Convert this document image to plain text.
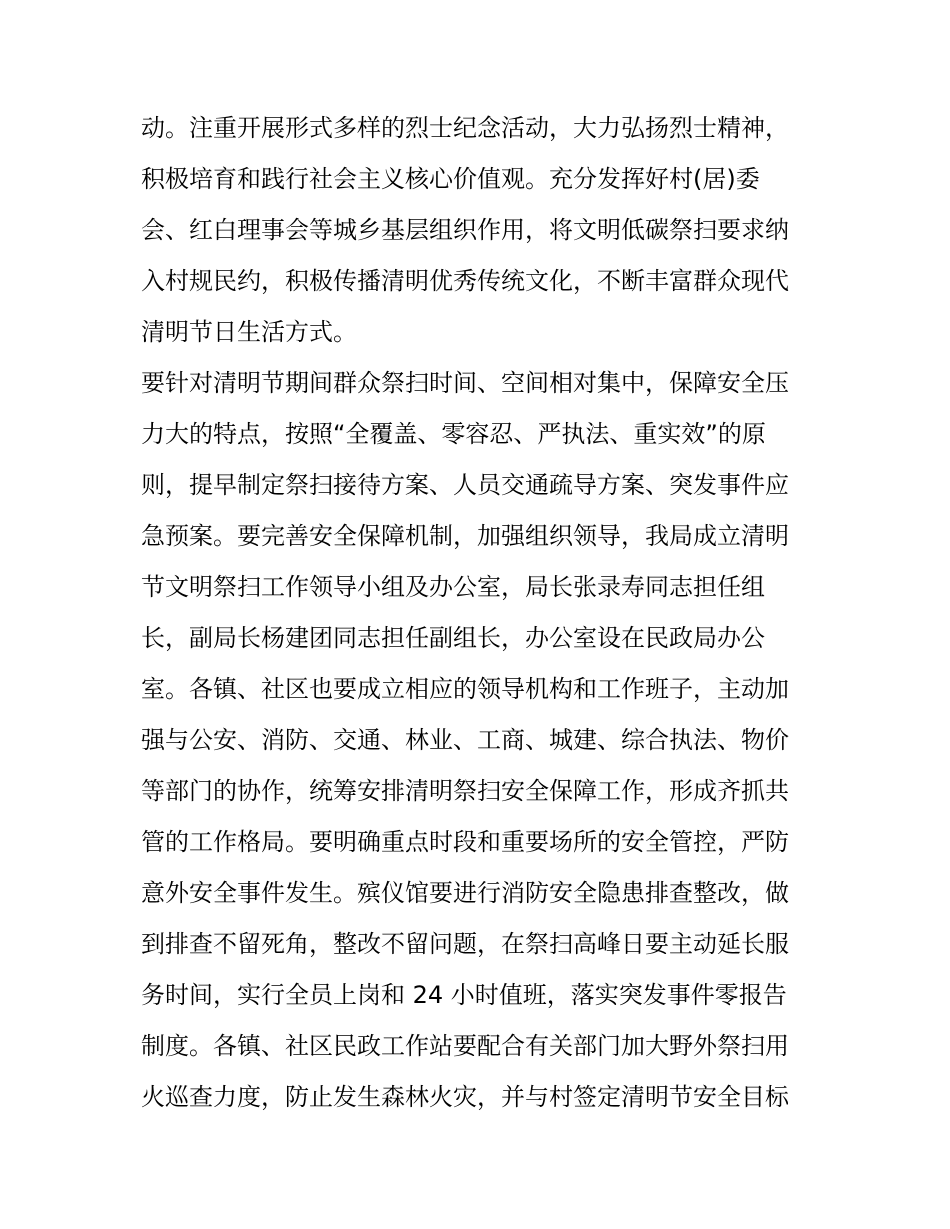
动。注重开展形式多样的烈士纪念活动，大力弘扬烈士精神，
积极培育和践行社会主义核心价值观。充分发挥好村(居)委
会、红白理事会等城乡基层组织作用，将文明低碳祭扫要求纳
入村规民约，积极传播清明优秀传统文化，不断丰富群众现代
清明节日生活方式。
要针对清明节期间群众祭扫时间、空间相对集中，保障安全压
力大的特点，按照“全覆盖、零容忍、严执法、重实效”的原
则，提早制定祭扫接待方案、人员交通疏导方案、突发事件应
急预案。要完善安全保障机制，加强组织领导，我局成立清明
节文明祭扫工作领导小组及办公室，局长张录寿同志担任组
长，副局长杨建团同志担任副组长，办公室设在民政局办公
室。各镇、社区也要成立相应的领导机构和工作班子，主动加
强与公安、消防、交通、林业、工商、城建、综合执法、物价
等部门的协作，统筹安排清明祭扫安全保障工作，形成齐抓共
管的工作格局。要明确重点时段和重要场所的安全管控，严防
意外安全事件发生。殡仪馆要进行消防安全隐患排查整改，做
到排查不留死角，整改不留问题，在祭扫高峰日要主动延长服
务时间，实行全员上岗和 24 小时值班，落实突发事件零报告
制度。各镇、社区民政工作站要配合有关部门加大野外祭扫用
火巡查力度，防止发生森林火灾，并与村签定清明节安全目标
